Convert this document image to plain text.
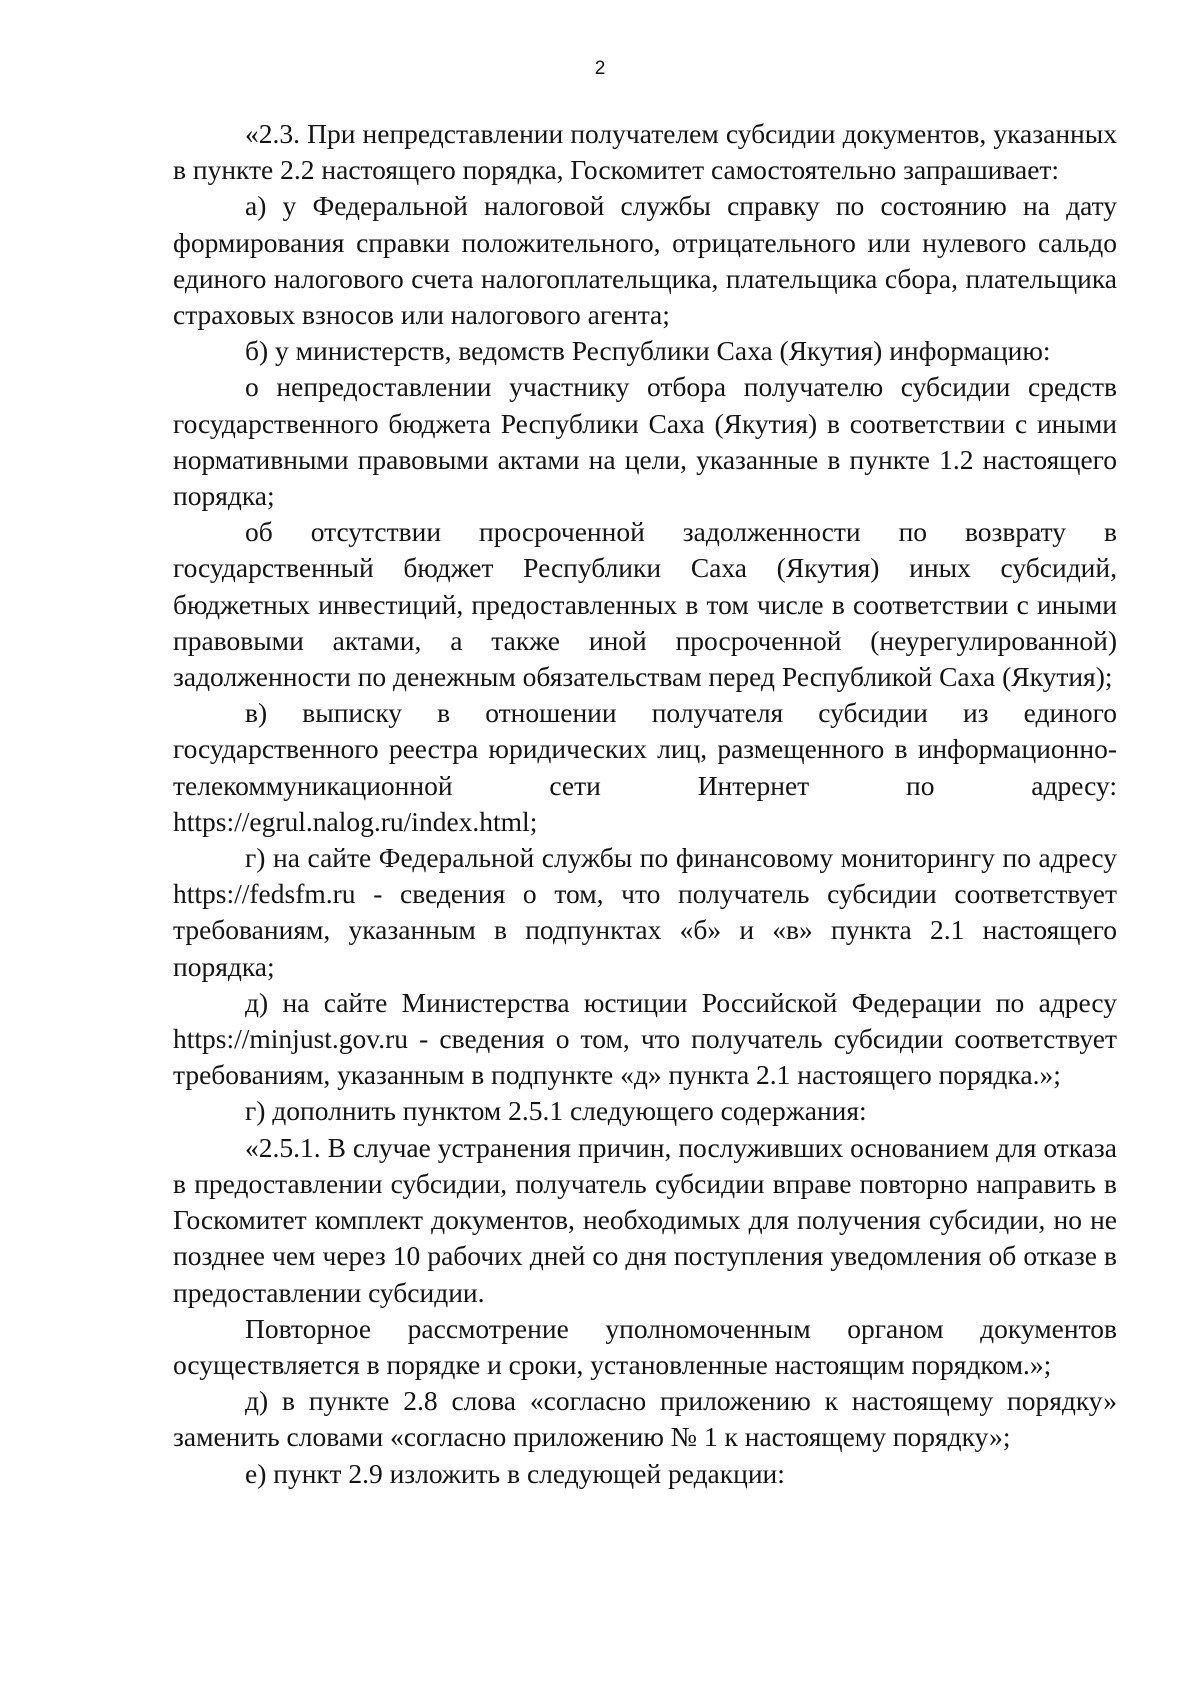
2

«2.3. При непредставлении получателем субсидии документов, указанных в пункте 2.2 настоящего порядка, Госкомитет самостоятельно запрашивает:

а) у Федеральной налоговой службы справку по состоянию на дату формирования справки положительного, отрицательного или нулевого сальдо единого налогового счета налогоплательщика, плательщика сбора, плательщика страховых взносов или налогового агента;

б) у министерств, ведомств Республики Саха (Якутия) информацию:

о непредоставлении участнику отбора получателю субсидии средств государственного бюджета Республики Саха (Якутия) в соответствии с иными нормативными правовыми актами на цели, указанные в пункте 1.2 настоящего порядка;

об отсутствии просроченной задолженности по возврату в государственный бюджет Республики Саха (Якутия) иных субсидий, бюджетных инвестиций, предоставленных в том числе в соответствии с иными правовыми актами, а также иной просроченной (неурегулированной) задолженности по денежным обязательствам перед Республикой Саха (Якутия);

в) выписку в отношении получателя субсидии из единого государственного реестра юридических лиц, размещенного в информационно-телекоммуникационной сети Интернет по адресу: https://egrul.nalog.ru/index.html;

г) на сайте Федеральной службы по финансовому мониторингу по адресу https://fedsfm.ru - сведения о том, что получатель субсидии соответствует требованиям, указанным в подпунктах «б» и «в» пункта 2.1 настоящего порядка;

д) на сайте Министерства юстиции Российской Федерации по адресу https://minjust.gov.ru - сведения о том, что получатель субсидии соответствует требованиям, указанным в подпункте «д» пункта 2.1 настоящего порядка.»;

г) дополнить пунктом 2.5.1 следующего содержания:

«2.5.1. В случае устранения причин, послуживших основанием для отказа в предоставлении субсидии, получатель субсидии вправе повторно направить в Госкомитет комплект документов, необходимых для получения субсидии, но не позднее чем через 10 рабочих дней со дня поступления уведомления об отказе в предоставлении субсидии.

Повторное рассмотрение уполномоченным органом документов осуществляется в порядке и сроки, установленные настоящим порядком.»;

д) в пункте 2.8 слова «согласно приложению к настоящему порядку» заменить словами «согласно приложению № 1 к настоящему порядку»;

е) пункт 2.9 изложить в следующей редакции:
